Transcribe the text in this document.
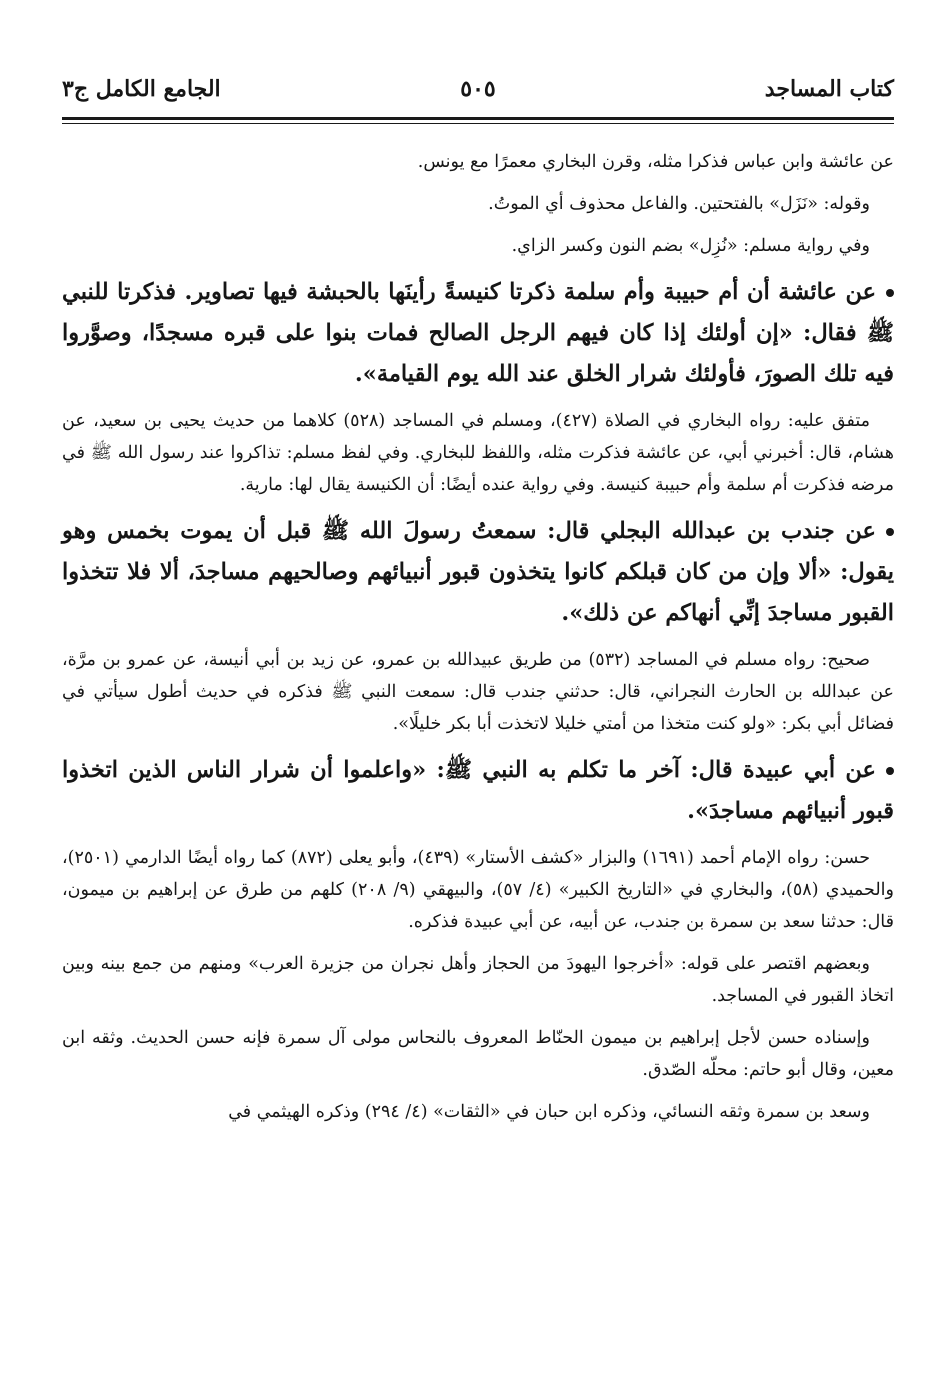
كتاب المساجد
٥٠٥
الجامع الكامل ج٣

عن عائشة وابن عباس فذكرا مثله، وقرن البخاري معمرًا مع يونس.

وقوله: «نَزَل» بالفتحتين. والفاعل محذوف أي الموتُ.

وفي رواية مسلم: «نُزِل» بضم النون وكسر الزاي.

عن عائشة أن أم حبيبة وأم سلمة ذكرتا كنيسةً رأينَها بالحبشة فيها تصاوير. فذكرتا للنبي ﷺ فقال: «إن أولئك إذا كان فيهم الرجل الصالح فمات بنوا على قبره مسجدًا، وصوَّروا فيه تلك الصورَ، فأولئك شرار الخلق عند الله يوم القيامة».

متفق عليه: رواه البخاري في الصلاة (٤٢٧)، ومسلم في المساجد (٥٢٨) كلاهما من حديث يحيى بن سعيد، عن هشام، قال: أخبرني أبي، عن عائشة فذكرت مثله، واللفظ للبخاري. وفي لفظ مسلم: تذاكروا عند رسول الله ﷺ في مرضه فذكرت أم سلمة وأم حبيبة كنيسة. وفي رواية عنده أيضًا: أن الكنيسة يقال لها: مارية.

عن جندب بن عبدالله البجلي قال: سمعتُ رسولَ الله ﷺ قبل أن يموت بخمس وهو يقول: «ألا وإن من كان قبلكم كانوا يتخذون قبور أنبيائهم وصالحيهم مساجدَ، ألا فلا تتخذوا القبور مساجدَ إنِّي أنهاكم عن ذلك».

صحيح: رواه مسلم في المساجد (٥٣٢) من طريق عبيدالله بن عمرو، عن زيد بن أبي أنيسة، عن عمرو بن مرَّة، عن عبدالله بن الحارث النجراني، قال: حدثني جندب قال: سمعت النبي ﷺ فذكره في حديث أطول سيأتي في فضائل أبي بكر: «ولو كنت متخذا من أمتي خليلا لاتخذت أبا بكر خليلًا».

عن أبي عبيدة قال: آخر ما تكلم به النبي ﷺ: «واعلموا أن شرار الناس الذين اتخذوا قبور أنبيائهم مساجدَ».

حسن: رواه الإمام أحمد (١٦٩١) والبزار «كشف الأستار» (٤٣٩)، وأبو يعلى (٨٧٢) كما رواه أيضًا الدارمي (٢٥٠١)، والحميدي (٥٨)، والبخاري في «التاريخ الكبير» (٤/ ٥٧)، والبيهقي (٩/ ٢٠٨) كلهم من طرق عن إبراهيم بن ميمون، قال: حدثنا سعد بن سمرة بن جندب، عن أبيه، عن أبي عبيدة فذكره.

وبعضهم اقتصر على قوله: «أخرجوا اليهودَ من الحجاز وأهل نجران من جزيرة العرب» ومنهم من جمع بينه وبين اتخاذ القبور في المساجد.

وإسناده حسن لأجل إبراهيم بن ميمون الحنّاط المعروف بالنحاس مولى آل سمرة فإنه حسن الحديث. وثقه ابن معين، وقال أبو حاتم: محلّه الصّدق.

وسعد بن سمرة وثقه النسائي، وذكره ابن حبان في «الثقات» (٤/ ٢٩٤) وذكره الهيثمي في
